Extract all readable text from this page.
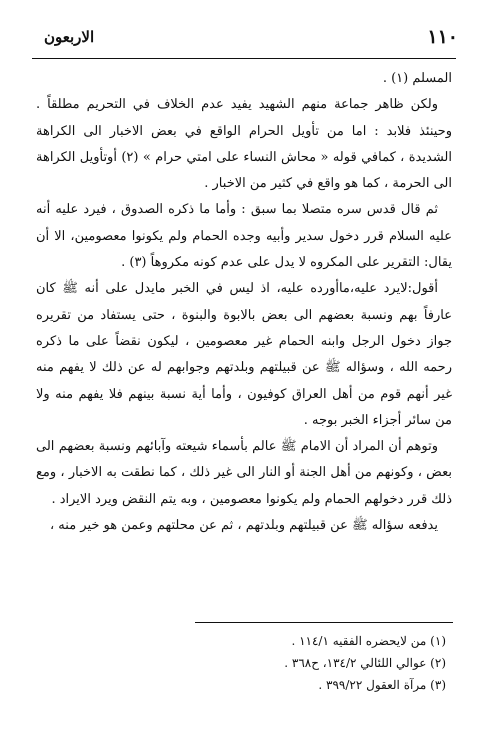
١١٠
الاربعون

المسلم (١) .

ولكن ظاهر جماعة منهم الشهيد يفيد عدم الخلاف في التحريم مطلقاً . وحينئذ فلابد : اما من تأويل الحرام الواقع في بعض الاخبار الى الكراهة الشديدة ، كمافي قوله « محاش النساء على امتي حرام » (٢) أوتأويل الكراهة الى الحرمة ، كما هو واقع في كثير من الاخبار .

ثم قال قدس سره متصلا بما سبق : وأما ما ذكره الصدوق ، فيرد عليه أنه عليه السلام قرر دخول سدير وأبيه وجده الحمام ولم يكونوا معصومين، الا أن يقال: التقرير على المكروه لا يدل على عدم كونه مكروهاً (٣) .

أقول:لايرد عليه،ماأورده عليه، اذ ليس في الخبر مايدل على أنه ﷺ كان عارفاً بهم ونسبة بعضهم الى بعض بالابوة والبنوة ، حتى يستفاد من تقريره جواز دخول الرجل وابنه الحمام غير معصومين ، ليكون نقضاً على ما ذكره رحمه الله ، وسؤاله ﷺ عن قبيلتهم وبلدتهم وجوابهم له عن ذلك لا يفهم منه غير أنهم قوم من أهل العراق كوفيون ، وأما أية نسبة بينهم فلا يفهم منه ولا من سائر أجزاء الخبر بوجه .

وتوهم أن المراد أن الامام ﷺ عالم بأسماء شيعته وآبائهم ونسبة بعضهم الى بعض ، وكونهم من أهل الجنة أو النار الى غير ذلك ، كما نطقت به الاخبار ، ومع ذلك قرر دخولهم الحمام ولم يكونوا معصومين ، وبه يتم النقض ويرد الايراد .

يدفعه سؤاله ﷺ عن قبيلتهم وبلدتهم ، ثم عن محلتهم وعمن هو خير منه ،

(١) من لايحضره الفقيه ١١٤/١ .
(٢) عوالي اللئالي ١٣٤/٢، ح٣٦٨ .
(٣) مرآة العقول ٣٩٩/٢٢ .
